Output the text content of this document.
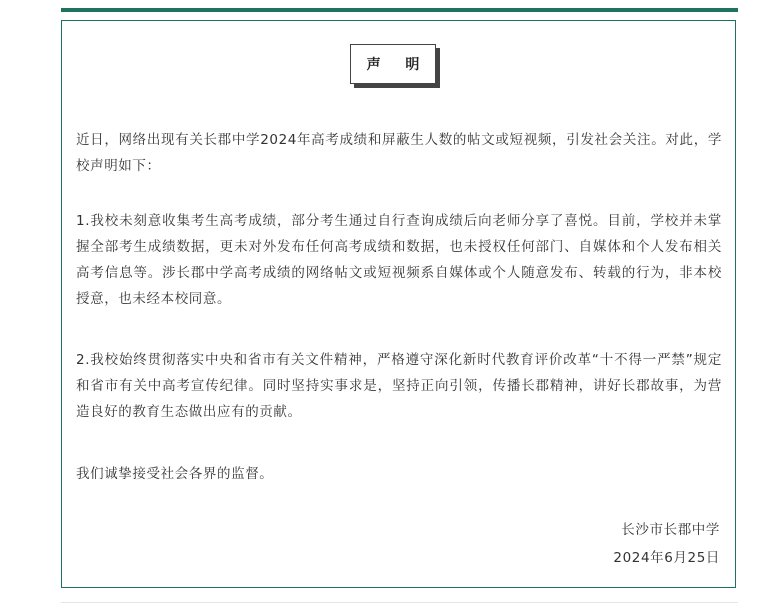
声 明

近日，网络出现有关长郡中学2024年高考成绩和屏蔽生人数的帖文或短视频，引发社会关注。对此，学校声明如下：

1.我校未刻意收集考生高考成绩，部分考生通过自行查询成绩后向老师分享了喜悦。目前，学校并未掌握全部考生成绩数据，更未对外发布任何高考成绩和数据，也未授权任何部门、自媒体和个人发布相关高考信息等。涉长郡中学高考成绩的网络帖文或短视频系自媒体或个人随意发布、转载的行为，非本校授意，也未经本校同意。

2.我校始终贯彻落实中央和省市有关文件精神，严格遵守深化新时代教育评价改革“十不得一严禁”规定和省市有关中高考宣传纪律。同时坚持实事求是，坚持正向引领，传播长郡精神，讲好长郡故事，为营造良好的教育生态做出应有的贡献。

我们诚挚接受社会各界的监督。

长沙市长郡中学

2024年6月25日
